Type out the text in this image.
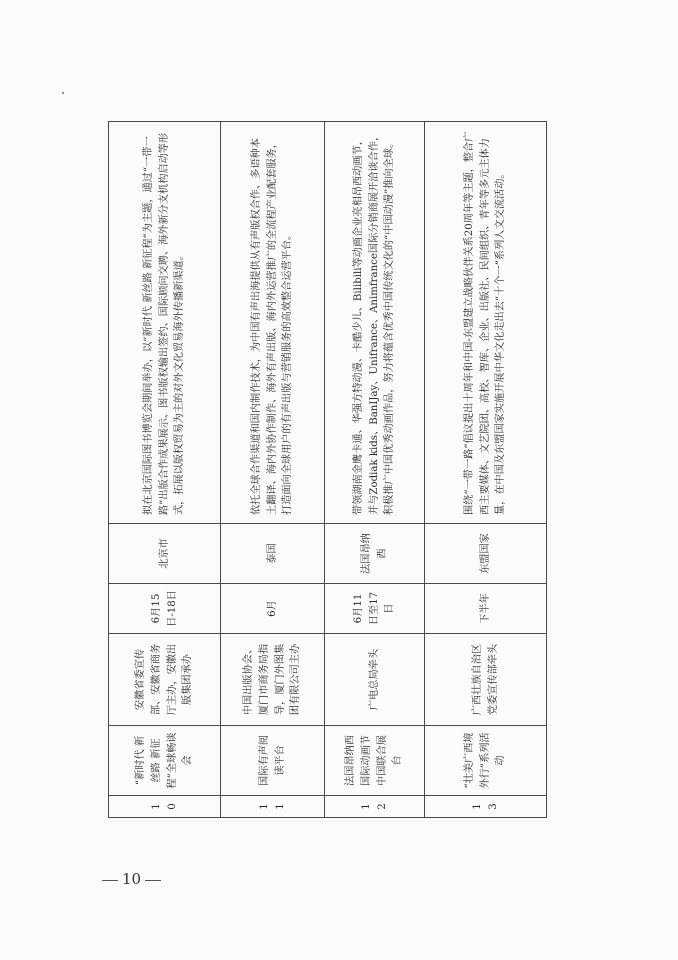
10	“新时代 新丝路 新征程”全球畅谈会	安徽省委宣传部、安徽省商务厅主办，安徽出版集团承办	6月15日-18日	北京市	拟在北京国际图书博览会期间举办，以“新时代 新丝路 新征程”为主题，通过“一带一路”出版合作成果展示、图书版权输出签约、国际顾问交聘、海外新分支机构启动等形式，拓展以版权贸易为主的对外文化贸易海外传播新渠道。
11	国际有声阅读平台	中国出版协会、厦门市商务局指导，厦门外图集团有限公司主办	6月	泰国	依托全球合作渠道和国内制作技术，为中国有声出海提供从有声版权合作、多语种本土翻译、海内外协作制作、海外有声出版、海内外运营推广的全流程产业配套服务，打造面向全球用户的有声出版与营销服务的高效整合运营平台。
12	法国昂纳西国际动画节中国联合展台	广电总局牵头	6月11日至17日	法国昂纳西	带领湖南金鹰卡通、华强方特动漫、卡酷少儿、Bilibili等动画企业亮相昂西动画节，并与Zodiak kids、BanIJay、Unifrance、Animfrance国际分销商展开洽谈合作，积极推广中国优秀动画作品，努力将蕴含优秀中国传统文化的“中国动漫”推向全球。
13	“壮美广西境外行”系列活动	广西壮族自治区党委宣传部牵头	下半年	东盟国家	围绕“一带一路”倡议提出十周年和中国-东盟建立战略伙伴关系20周年等主题，整合广西主要媒体、文艺院团、高校、智库、企业、出版社、民间组织、青年等多元主体力量，在中国及东盟国家实施开展中华文化走出去“十个一”系列人文交流活动。
10
